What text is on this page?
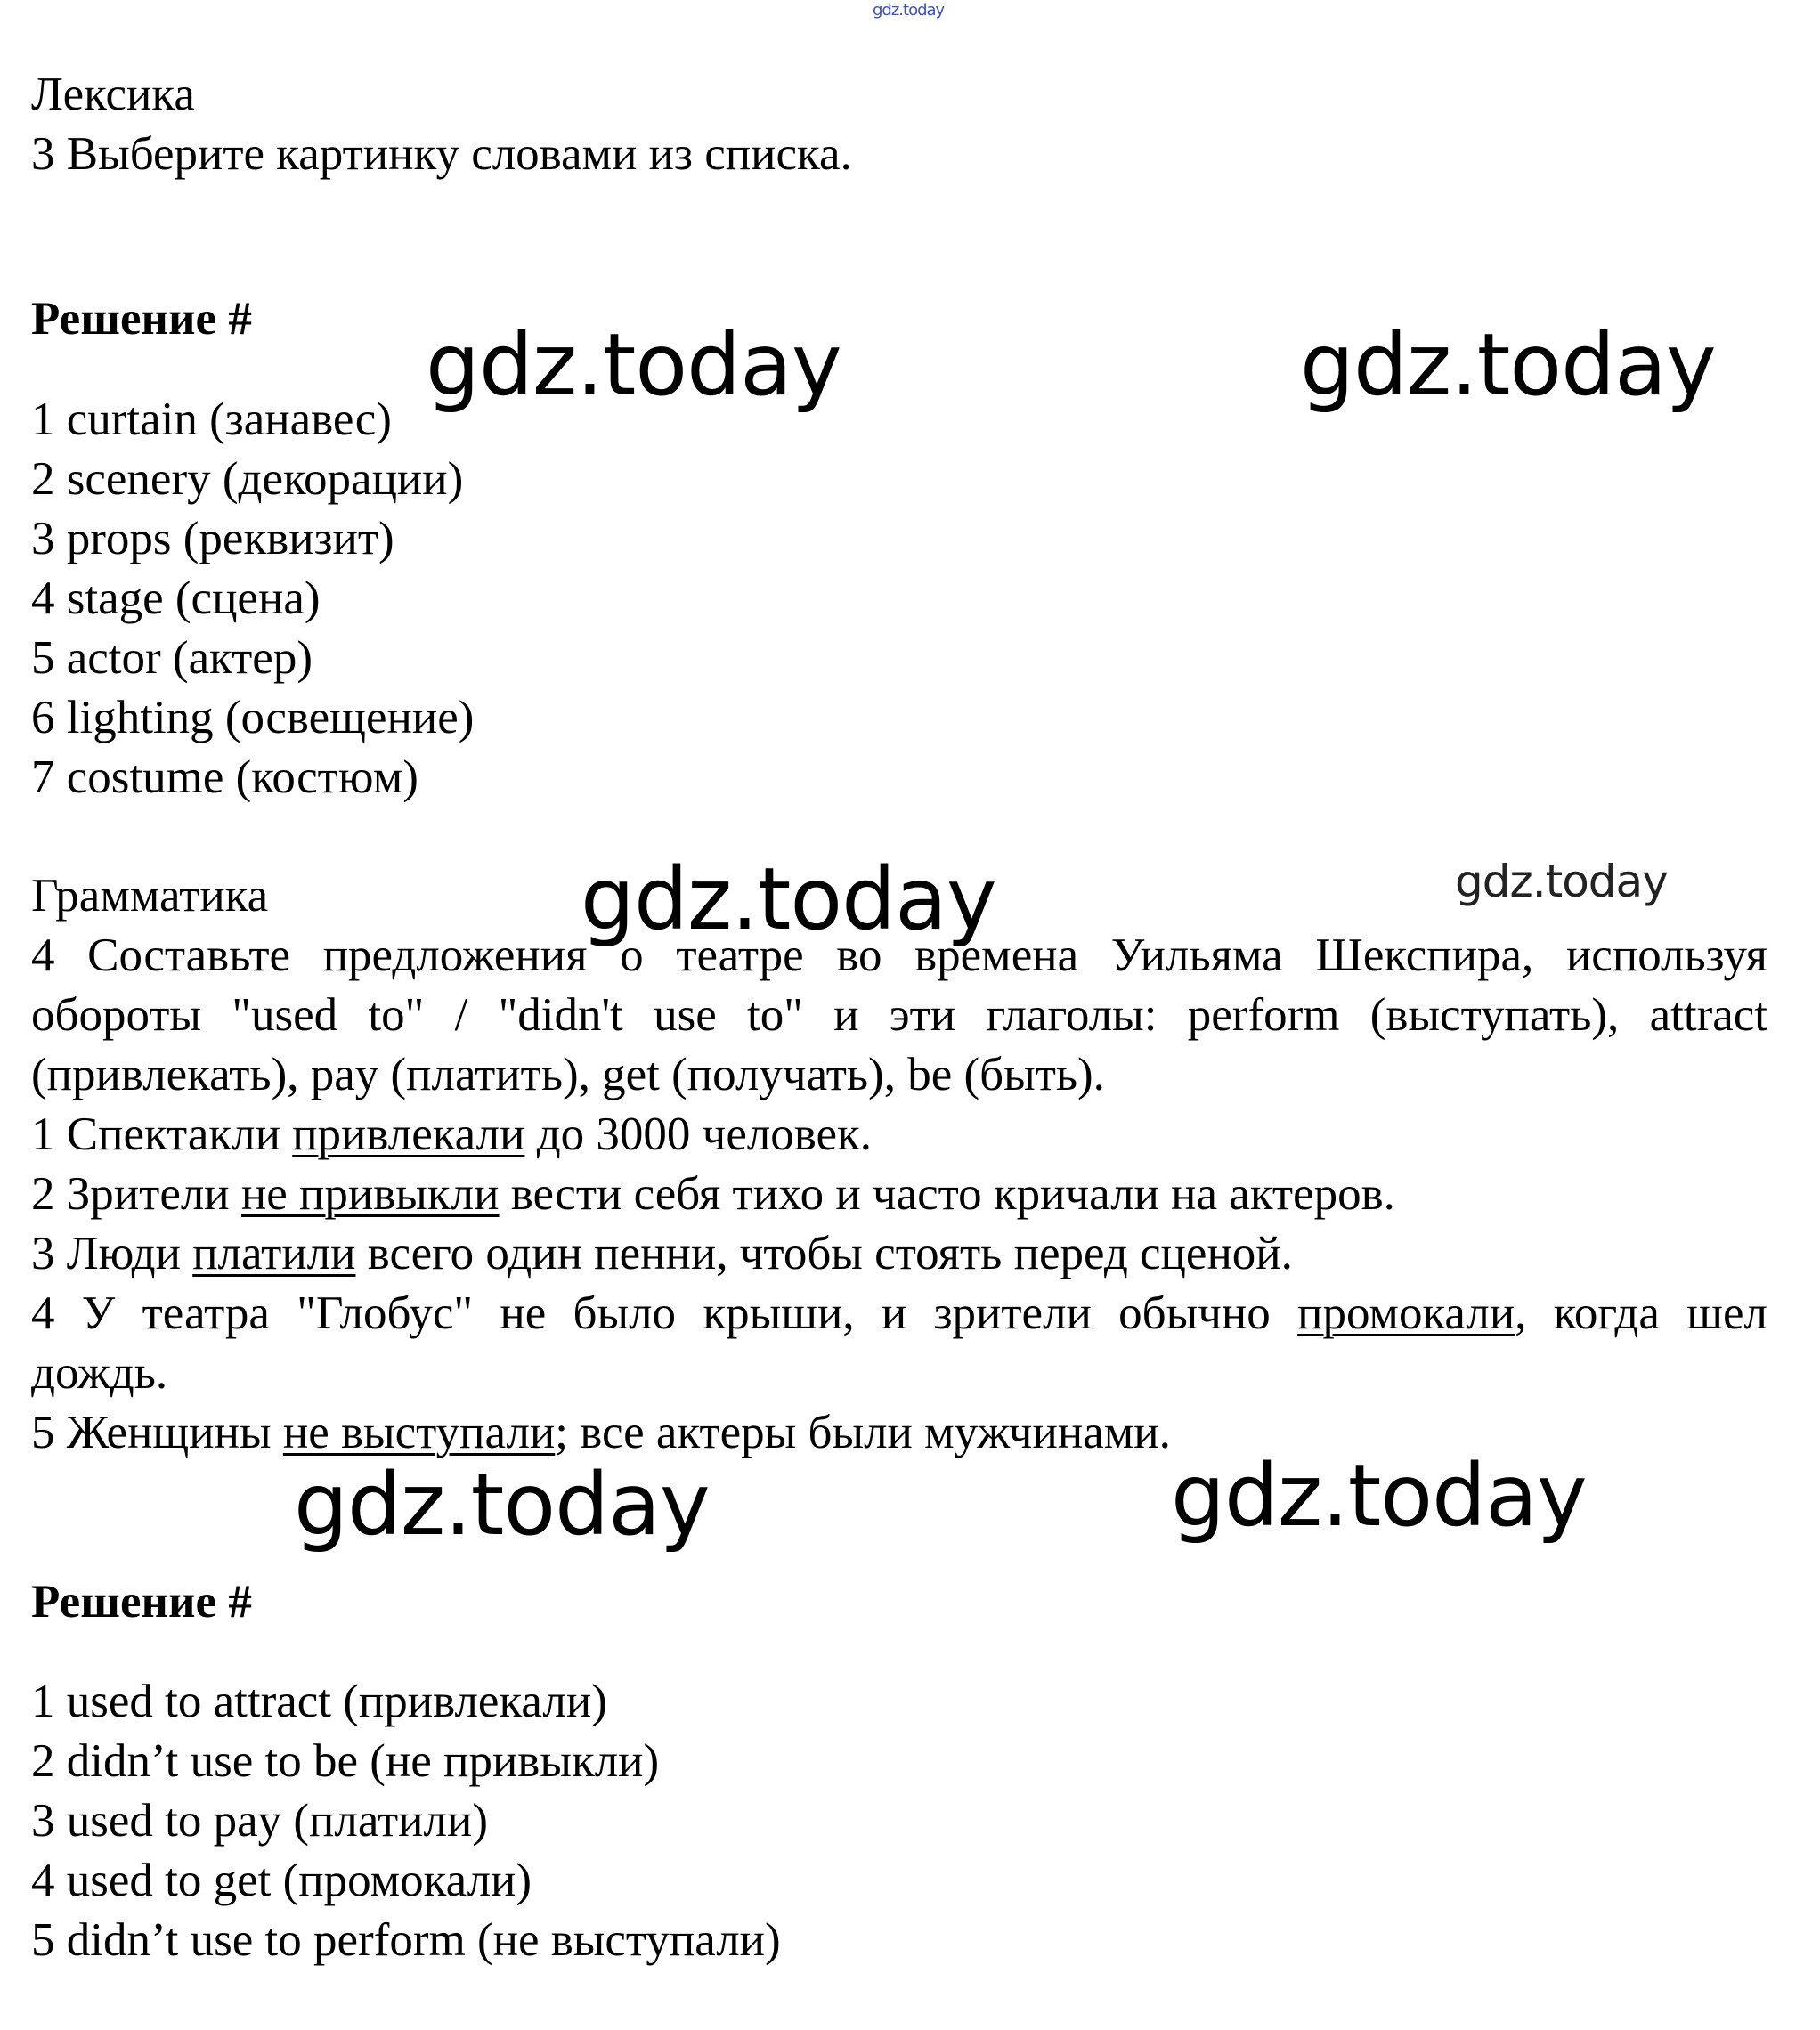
gdz.today
Лексика
3 Выберите картинку словами из списка.
Решение #
1 curtain (занавес)
2 scenery (декорации)
3 props (реквизит)
4 stage (сцена)
5 actor (актер)
6 lighting (освещение)
7 costume (костюм)
Грамматика
4 Составьте предложения о театре во времена Уильяма Шекспира, используя
обороты "used to" / "didn't use to" и эти глаголы: perform (выступать), attract
(привлекать), pay (платить), get (получать), be (быть).
1 Спектакли привлекали до 3000 человек.
2 Зрители не привыкли вести себя тихо и часто кричали на актеров.
3 Люди платили всего один пенни, чтобы стоять перед сценой.
4 У театра "Глобус" не было крыши, и зрители обычно промокали, когда шел
дождь.
5 Женщины не выступали; все актеры были мужчинами.
Решение #
1 used to attract (привлекали)
2 didn’t use to be (не привыкли)
3 used to pay (платили)
4 used to get (промокали)
5 didn’t use to perform (не выступали)
gdz.today	gdz.today
gdz.today	gdz.today
gdz.today	gdz.today
